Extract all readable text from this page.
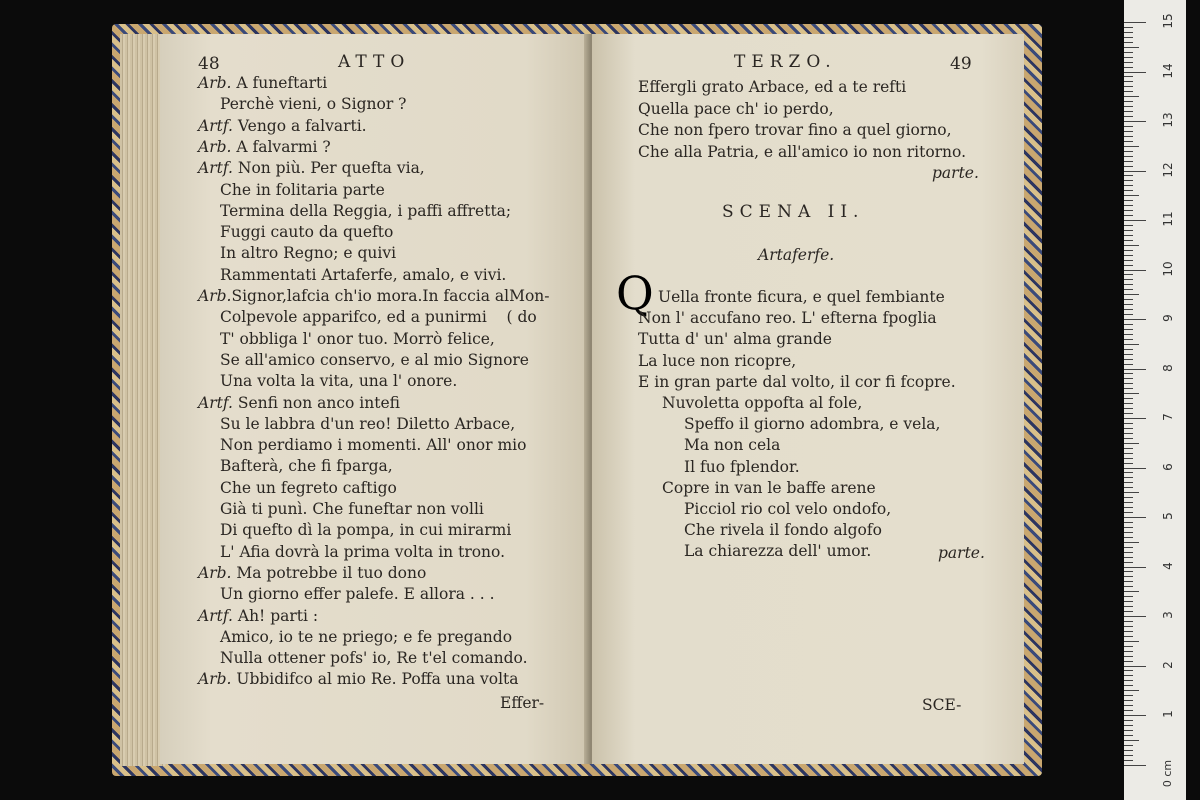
48	ATTO
Arb. A funeftarti
Perchè vieni, o Signor ?
Artf. Vengo a falvarti.
Arb. A falvarmi ?
Artf. Non più. Per quefta via,
Che in folitaria parte
Termina della Reggia, i paffi affretta;
Fuggi cauto da quefto
In altro Regno; e quivi
Rammentati Artaferfe, amalo, e vivi.
Arb.Signor,lafcia ch'io mora.In faccia alMon-
Colpevole apparifco, ed a punirmi    ( do
T' obbliga l' onor tuo. Morrò felice,
Se all'amico conservo, e al mio Signore
Una volta la vita, una l' onore.
Artf. Senfi non anco intefi
Su le labbra d'un reo! Diletto Arbace,
Non perdiamo i momenti. All' onor mio
Bafterà, che fi fparga,
Che un fegreto caftigo
Già ti punì. Che funeftar non volli
Di quefto dì la pompa, in cui mirarmi
L' Afia dovrà la prima volta in trono.
Arb. Ma potrebbe il tuo dono
Un giorno effer palefe. E allora . . .
Artf. Ah! parti :
Amico, io te ne priego; e fe pregando
Nulla ottener pofs' io, Re t'el comando.
Arb. Ubbidifco al mio Re. Poffa una volta
Effer-
TERZO.	49
Effergli grato Arbace, ed a te refti
Quella pace ch' io perdo,
Che non fpero trovar fino a quel giorno,
Che alla Patria, e all'amico io non ritorno.
parte.
SCENA II.
Artaferfe.
Q Uella fronte ficura, e quel fembiante
Non l' accufano reo. L' efterna fpoglia
Tutta d' un' alma grande
La luce non ricopre,
E in gran parte dal volto, il cor fi fcopre.
Nuvoletta oppofta al fole,
Speffo il giorno adombra, e vela,
Ma non cela
Il fuo fplendor.
Copre in van le baffe arene
Picciol rio col velo ondofo,
Che rivela il fondo algofo
La chiarezza dell' umor.	parte.
SCE-
0 cm
15
14
13
12
11
10
9
8
7
6
5
4
3
2
1
